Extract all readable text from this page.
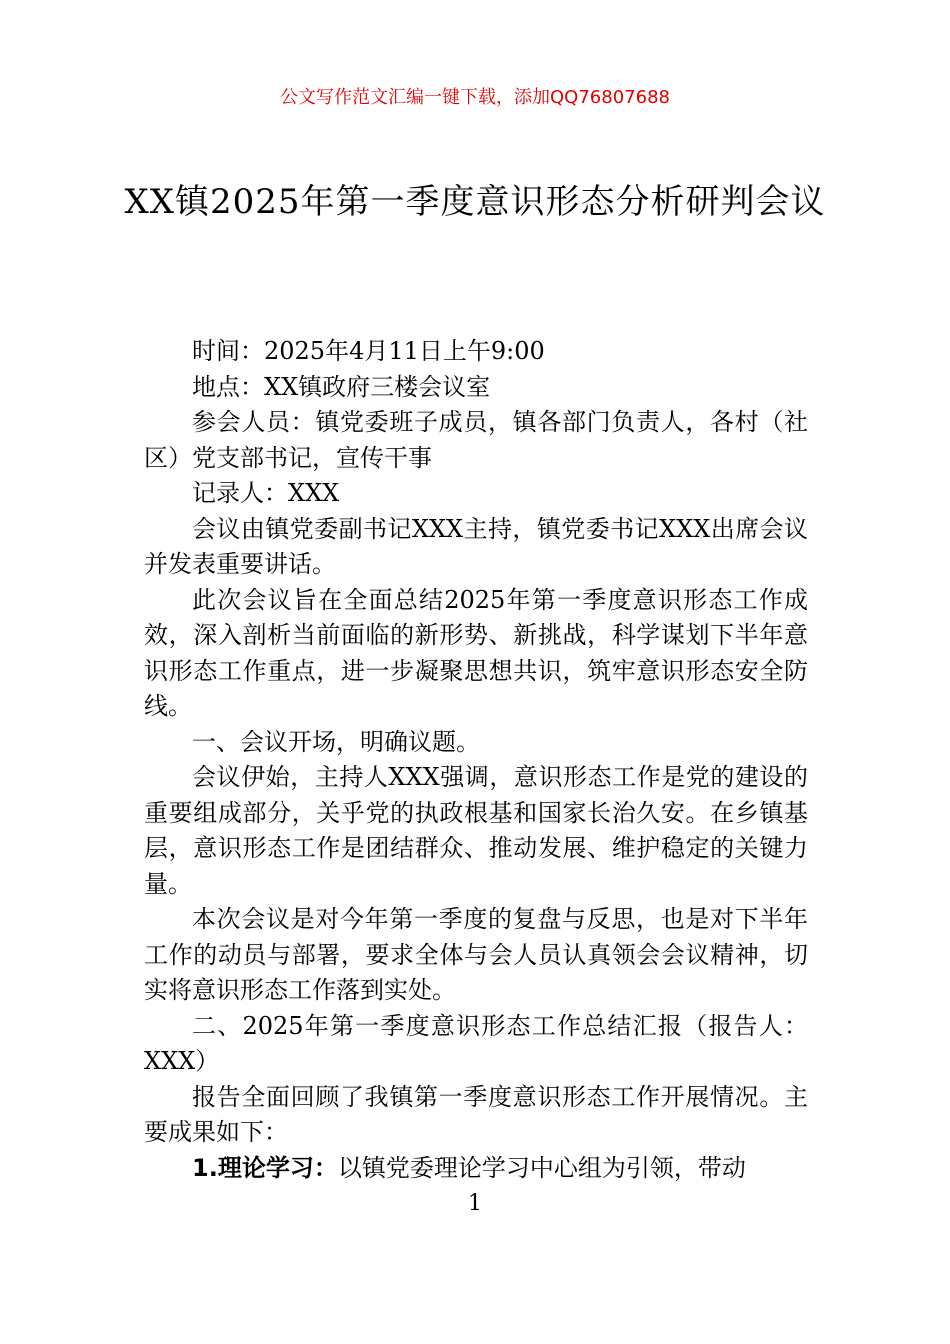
公文写作范文汇编一键下载，添加QQ76807688
XX镇2025年第一季度意识形态分析研判会议

时间：2025年4月11日上午9:00

地点：XX镇政府三楼会议室

参会人员：镇党委班子成员，镇各部门负责人，各村（社区）党支部书记，宣传干事

记录人：XXX

会议由镇党委副书记XXX主持，镇党委书记XXX出席会议并发表重要讲话。

此次会议旨在全面总结2025年第一季度意识形态工作成效，深入剖析当前面临的新形势、新挑战，科学谋划下半年意识形态工作重点，进一步凝聚思想共识，筑牢意识形态安全防线。

一、会议开场，明确议题。

会议伊始，主持人XXX强调，意识形态工作是党的建设的重要组成部分，关乎党的执政根基和国家长治久安。在乡镇基层，意识形态工作是团结群众、推动发展、维护稳定的关键力量。

本次会议是对今年第一季度的复盘与反思，也是对下半年工作的动员与部署，要求全体与会人员认真领会会议精神，切实将意识形态工作落到实处。

二、2025年第一季度意识形态工作总结汇报（报告人：XXX）

报告全面回顾了我镇第一季度意识形态工作开展情况。主要成果如下：

1.理论学习：以镇党委理论学习中心组为引领，带动

1
